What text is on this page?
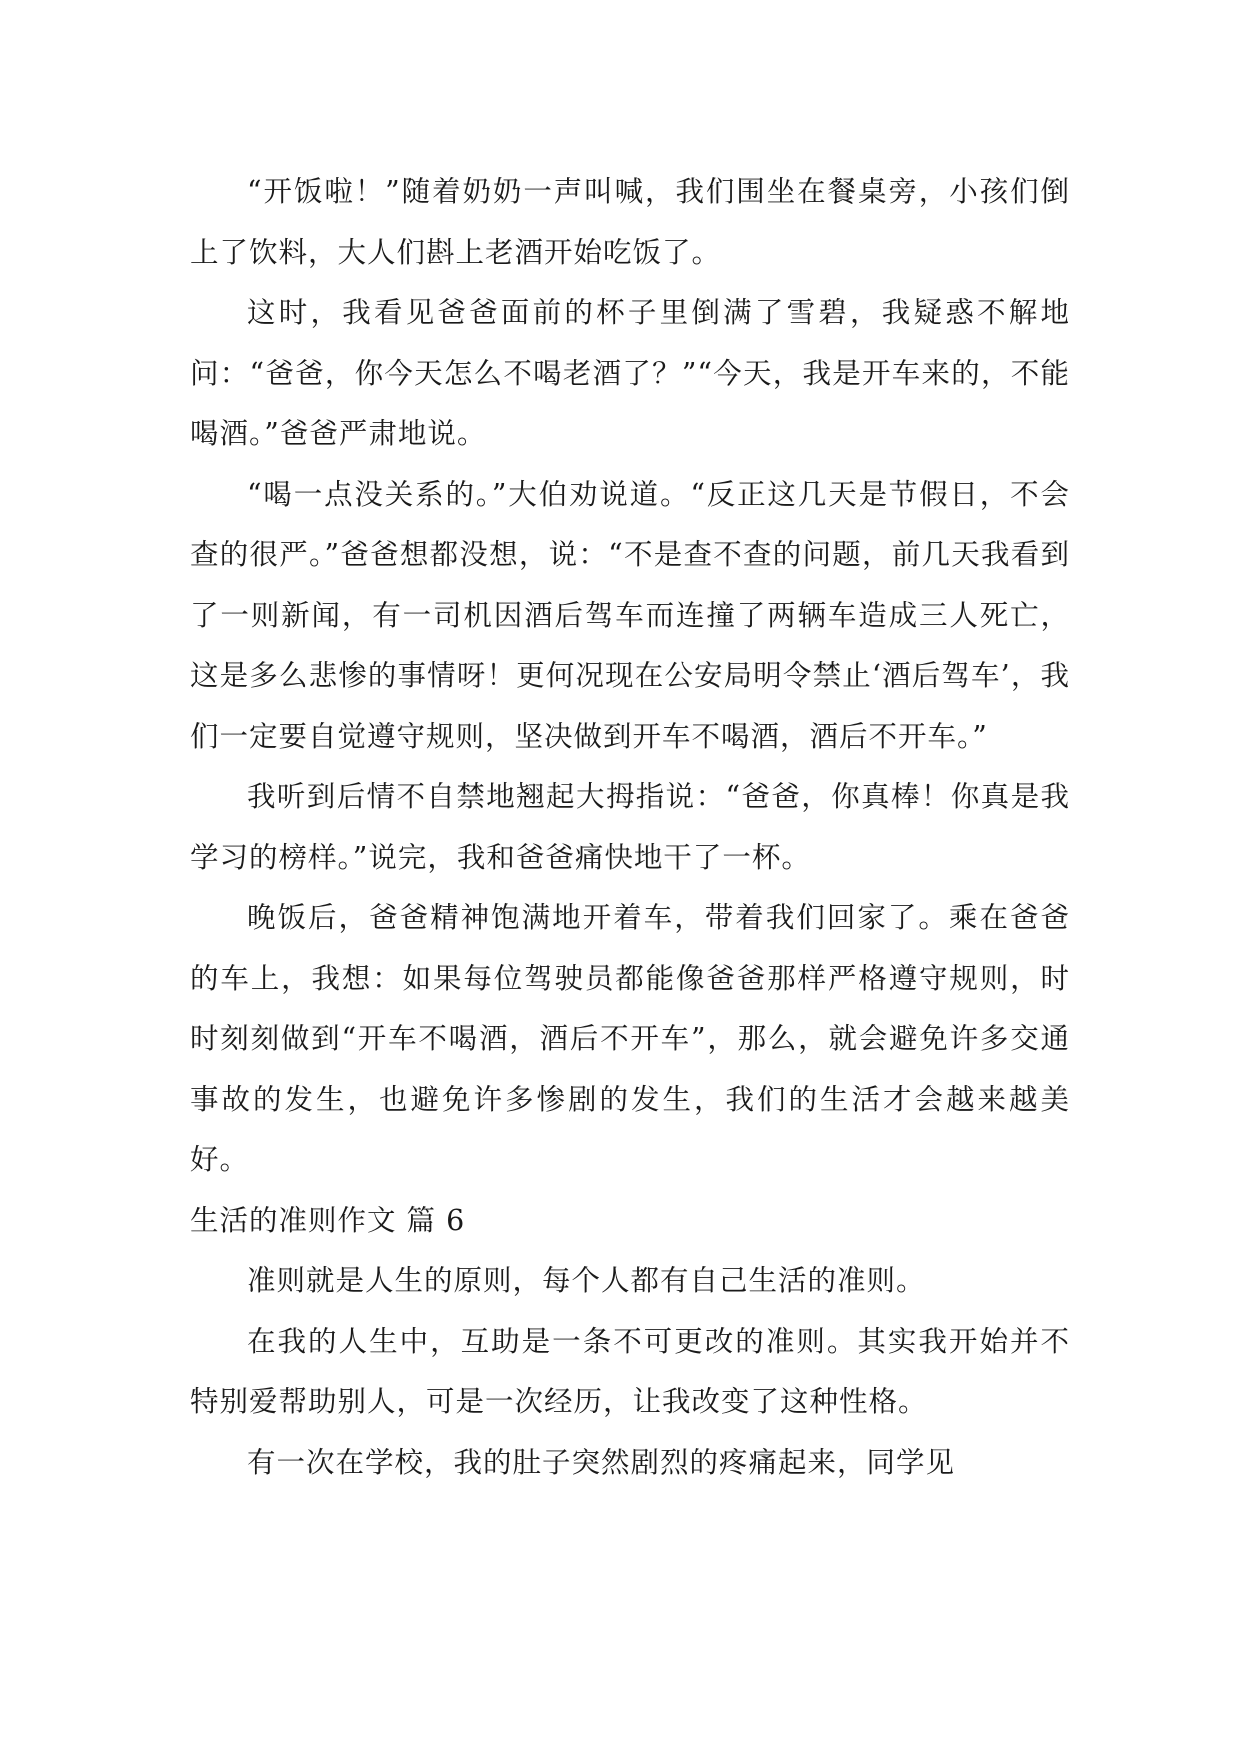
“开饭啦！”随着奶奶一声叫喊，我们围坐在餐桌旁，小孩们倒上了饮料，大人们斟上老酒开始吃饭了。

这时，我看见爸爸面前的杯子里倒满了雪碧，我疑惑不解地问：“爸爸，你今天怎么不喝老酒了？”“今天，我是开车来的，不能喝酒。”爸爸严肃地说。

“喝一点没关系的。”大伯劝说道。“反正这几天是节假日，不会查的很严。”爸爸想都没想，说：“不是查不查的问题，前几天我看到了一则新闻，有一司机因酒后驾车而连撞了两辆车造成三人死亡，这是多么悲惨的事情呀！更何况现在公安局明令禁止‘酒后驾车’，我们一定要自觉遵守规则，坚决做到开车不喝酒，酒后不开车。”

我听到后情不自禁地翘起大拇指说：“爸爸，你真棒！你真是我学习的榜样。”说完，我和爸爸痛快地干了一杯。

晚饭后，爸爸精神饱满地开着车，带着我们回家了。乘在爸爸的车上，我想：如果每位驾驶员都能像爸爸那样严格遵守规则，时时刻刻做到“开车不喝酒，酒后不开车”，那么，就会避免许多交通事故的发生，也避免许多惨剧的发生，我们的生活才会越来越美好。

生活的准则作文 篇 6

准则就是人生的原则，每个人都有自己生活的准则。

在我的人生中，互助是一条不可更改的准则。其实我开始并不特别爱帮助别人，可是一次经历，让我改变了这种性格。

有一次在学校，我的肚子突然剧烈的疼痛起来，同学见
